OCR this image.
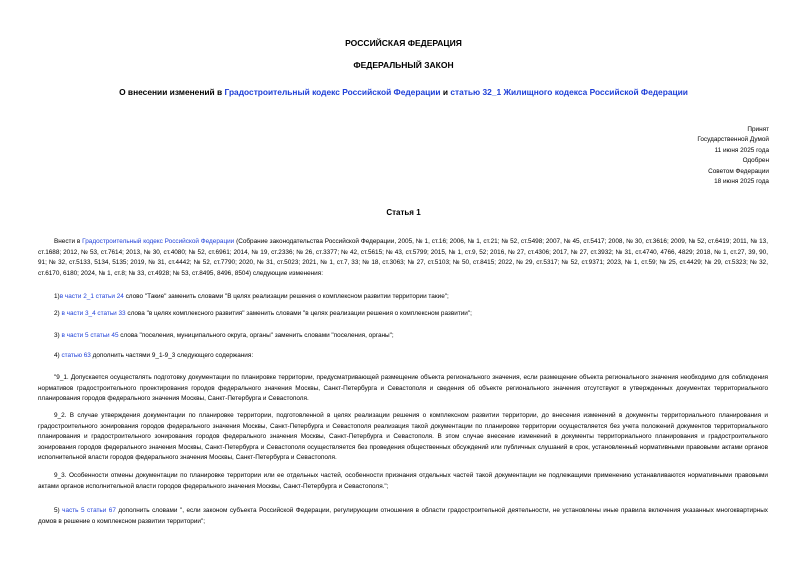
РОССИЙСКАЯ ФЕДЕРАЦИЯ
ФЕДЕРАЛЬНЫЙ ЗАКОН
О внесении изменений в Градостроительный кодекс Российской Федерации и статью 32_1 Жилищного кодекса Российской Федерации
Принят
Государственной Думой
11 июня 2025 года
Одобрен
Советом Федерации
18 июня 2025 года
Статья 1
Внести в Градостроительный кодекс Российской Федерации (Собрание законодательства Российской Федерации, 2005, № 1, ст.16; 2006, № 1, ст.21; № 52, ст.5498; 2007, № 45, ст.5417; 2008, № 30, ст.3616; 2009, № 52, ст.6419; 2011, № 13, ст.1688; 2012, № 53, ст.7614; 2013, № 30, ст.4080; № 52, ст.6961; 2014, № 19, ст.2336; № 26, ст.3377; № 42, ст.5615; № 43, ст.5799; 2015, № 1, ст.9, 52; 2016, № 27, ст.4306; 2017, № 27, ст.3932; № 31, ст.4740, 4766, 4829; 2018, № 1, ст.27, 39, 90, 91; № 32, ст.5133, 5134, 5135; 2019, № 31, ст.4442; № 52, ст.7790; 2020, № 31, ст.5023; 2021, № 1, ст.7, 33; № 18, ст.3063; № 27, ст.5103; № 50, ст.8415; 2022, № 29, ст.5317; № 52, ст.9371; 2023, № 1, ст.59; № 25, ст.4429; № 29, ст.5323; № 32, ст.6170, 6180; 2024, № 1, ст.8; № 33, ст.4928; № 53, ст.8495, 8496, 8504) следующие изменения:
1)в части 2_1 статьи 24 слово "Такие" заменить словами "В целях реализации решения о комплексном развитии территории такие";
2) в части 3_4 статьи 33 слова "в целях комплексного развития" заменить словами "в целях реализации решения о комплексном развитии";
3) в части 5 статьи 45 слова "поселения, муниципального округа, органы" заменить словами "поселения, органы";
4) статью 63 дополнить частями 9_1-9_3 следующего содержания:
"9_1. Допускается осуществлять подготовку документации по планировке территории, предусматривающей размещение объекта регионального значения, если размещение объекта регионального значения необходимо для соблюдения нормативов градостроительного проектирования городов федерального значения Москвы, Санкт-Петербурга и Севастополя и сведения об объекте регионального значения отсутствуют в утвержденных документах территориального планирования городов федерального значения Москвы, Санкт-Петербурга и Севастополя.
9_2. В случае утверждения документации по планировке территории, подготовленной в целях реализации решения о комплексном развитии территории, до внесения изменений в документы территориального планирования и градостроительного зонирования городов федерального значения Москвы, Санкт-Петербурга и Севастополя реализация такой документации по планировке территории осуществляется без учета положений документов территориального планирования и градостроительного зонирования городов федерального значения Москвы, Санкт-Петербурга и Севастополя. В этом случае внесение изменений в документы территориального планирования и градостроительного зонирования городов федерального значения Москвы, Санкт-Петербурга и Севастополя осуществляется без проведения общественных обсуждений или публичных слушаний в срок, установленный нормативными правовыми актами органов исполнительной власти городов федерального значения Москвы, Санкт-Петербурга и Севастополя.
9_3. Особенности отмены документации по планировке территории или ее отдельных частей, особенности признания отдельных частей такой документации не подлежащими применению устанавливаются нормативными правовыми актами органов исполнительной власти городов федерального значения Москвы, Санкт-Петербурга и Севастополя.";
5) часть 5 статьи 67 дополнить словами ", если законом субъекта Российской Федерации, регулирующим отношения в области градостроительной деятельности, не установлены иные правила включения указанных многоквартирных домов в решение о комплексном развитии территории";
